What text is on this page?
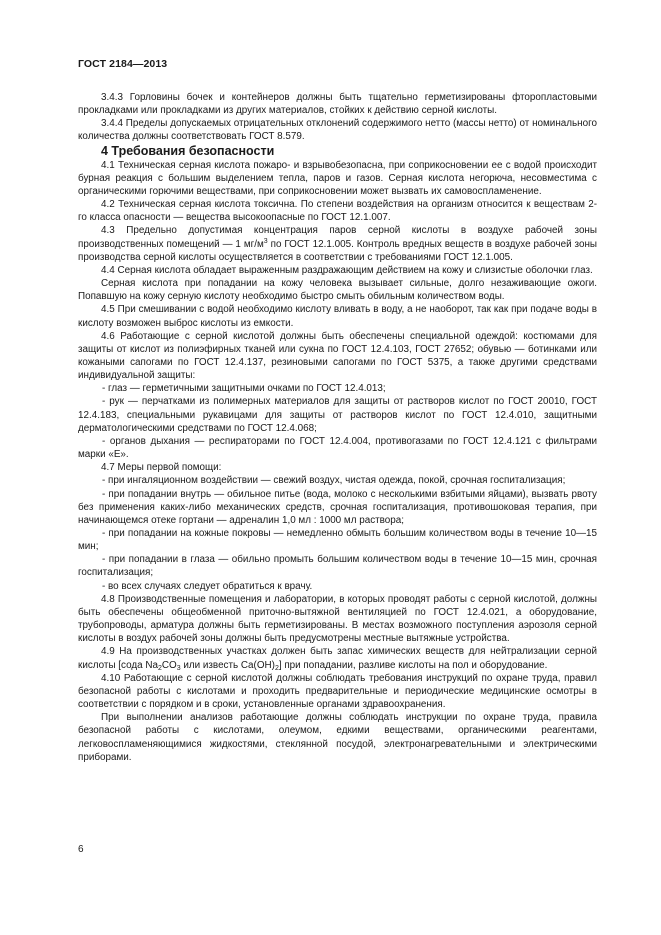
ГОСТ 2184—2013

3.4.3 Горловины бочек и контейнеров должны быть тщательно герметизированы фторопластовыми прокладками или прокладками из других материалов, стойких к действию серной кислоты.

3.4.4 Пределы допускаемых отрицательных отклонений содержимого нетто (массы нетто) от номинального количества должны соответствовать ГОСТ 8.579.

4 Требования безопасности

4.1 Техническая серная кислота пожаро- и взрывобезопасна, при соприкосновении ее с водой происходит бурная реакция с большим выделением тепла, паров и газов. Серная кислота негорюча, несовместима с органическими горючими веществами, при соприкосновении может вызвать их самовоспламенение.

4.2 Техническая серная кислота токсична. По степени воздействия на организм относится к веществам 2-го класса опасности — вещества высокоопасные по ГОСТ 12.1.007.

4.3 Предельно допустимая концентрация паров серной кислоты в воздухе рабочей зоны производственных помещений — 1 $мг/м^3$ по ГОСТ 12.1.005. Контроль вредных веществ в воздухе рабочей зоны производства серной кислоты осуществляется в соответствии с требованиями ГОСТ 12.1.005.

4.4 Серная кислота обладает выраженным раздражающим действием на кожу и слизистые оболочки глаз.

Серная кислота при попадании на кожу человека вызывает сильные, долго незаживающие ожоги. Попавшую на кожу серную кислоту необходимо быстро смыть обильным количеством воды.

4.5 При смешивании с водой необходимо кислоту вливать в воду, а не наоборот, так как при подаче воды в кислоту возможен выброс кислоты из емкости.

4.6 Работающие с серной кислотой должны быть обеспечены специальной одеждой: костюмами для защиты от кислот из полиэфирных тканей или сукна по ГОСТ 12.4.103, ГОСТ 27652; обувью — ботинками или кожаными сапогами по ГОСТ 12.4.137, резиновыми сапогами по ГОСТ 5375, а также другими средствами индивидуальной защиты:

- глаз — герметичными защитными очками по ГОСТ 12.4.013;

- рук — перчатками из полимерных материалов для защиты от растворов кислот по ГОСТ 20010, ГОСТ 12.4.183, специальными рукавицами для защиты от растворов кислот по ГОСТ 12.4.010, защитными дерматологическими средствами по ГОСТ 12.4.068;

- органов дыхания — респираторами по ГОСТ 12.4.004, противогазами по ГОСТ 12.4.121 с фильтрами марки «Е».

4.7 Меры первой помощи:

- при ингаляционном воздействии — свежий воздух, чистая одежда, покой, срочная госпитализация;

- при попадании внутрь — обильное питье (вода, молоко с несколькими взбитыми яйцами), вызвать рвоту без применения каких-либо механических средств, срочная госпитализация, противошоковая терапия, при начинающемся отеке гортани — адреналин 1,0 мл : 1000 мл раствора;

- при попадании на кожные покровы — немедленно обмыть большим количеством воды в течение 10—15 мин;

- при попадании в глаза — обильно промыть большим количеством воды в течение 10—15 мин, срочная госпитализация;

- во всех случаях следует обратиться к врачу.

4.8 Производственные помещения и лаборатории, в которых проводят работы с серной кислотой, должны быть обеспечены общеобменной приточно-вытяжной вентиляцией по ГОСТ 12.4.021, а оборудование, трубопроводы, арматура должны быть герметизированы. В местах возможного поступления аэрозоля серной кислоты в воздух рабочей зоны должны быть предусмотрены местные вытяжные устройства.

4.9 На производственных участках должен быть запас химических веществ для нейтрализации серной кислоты [сода $Na_2CO_3$ или известь $Ca(OH)_2$] при попадании, разливе кислоты на пол и оборудование.

4.10 Работающие с серной кислотой должны соблюдать требования инструкций по охране труда, правил безопасной работы с кислотами и проходить предварительные и периодические медицинские осмотры в соответствии с порядком и в сроки, установленные органами здравоохранения.

При выполнении анализов работающие должны соблюдать инструкции по охране труда, правила безопасной работы с кислотами, олеумом, едкими веществами, органическими реагентами, легковоспламеняющимися жидкостями, стеклянной посудой, электронагревательными и электрическими приборами.

6
